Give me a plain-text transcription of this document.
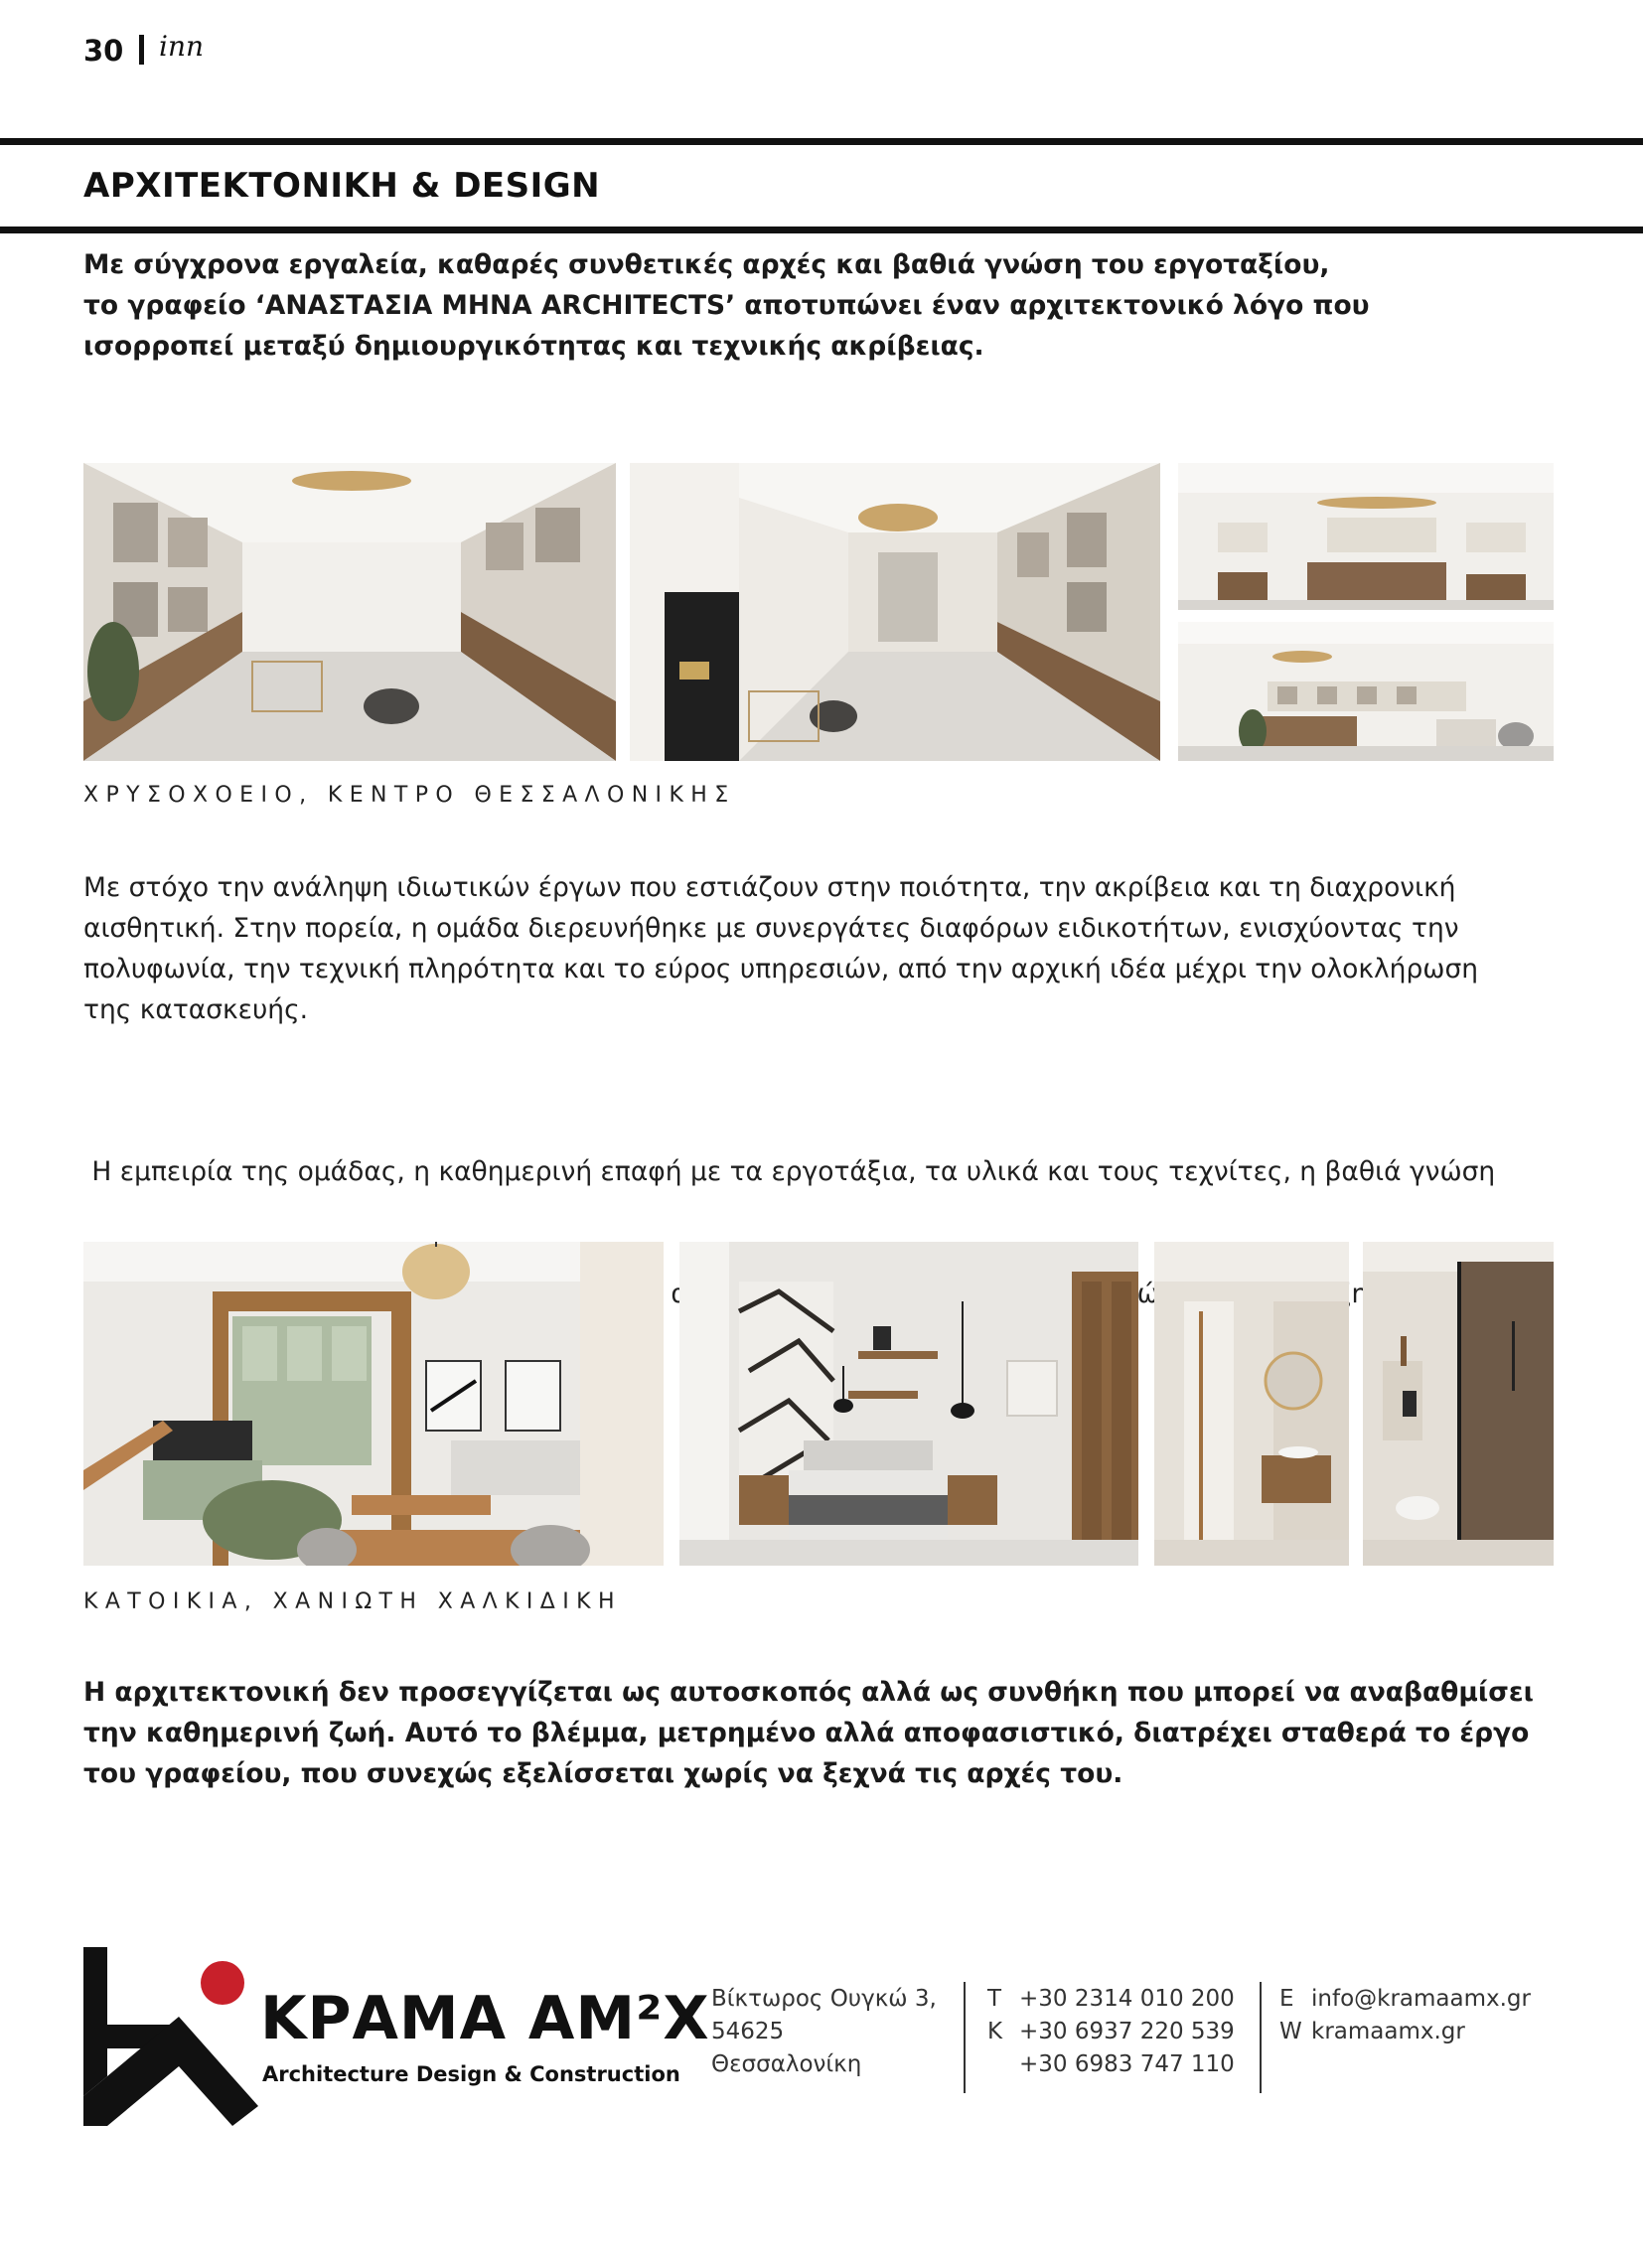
30 inn
ΑΡΧΙΤΕΚΤΟΝΙΚΗ & DESIGN

Με σύγχρονα εργαλεία, καθαρές συνθετικές αρχές και βαθιά γνώση του εργοταξίου,

το γραφείο ‘ΑΝΑΣΤΑΣΙΑ ΜΗΝΑ ARCHITECTS’ αποτυπώνει έναν αρχιτεκτονικό λόγο που

ισορροπεί μεταξύ δημιουργικότητας και τεχνικής ακρίβειας.

ΧΡΥΣΟΧΟΕΙΟ, ΚΕΝΤΡΟ ΘΕΣΣΑΛΟΝΙΚΗΣ

Με στόχο την ανάληψη ιδιωτικών έργων που εστιάζουν στην ποιότητα, την ακρίβεια και τη διαχρονική

αισθητική. Στην πορεία, η ομάδα διερευνήθηκε με συνεργάτες διαφόρων ειδικοτήτων, ενισχύοντας την

πολυφωνία, την τεχνική πληρότητα και το εύρος υπηρεσιών, από την αρχική ιδέα μέχρι την ολοκλήρωση

της κατασκευής.

Η εμπειρία της ομάδας, η καθημερινή επαφή με τα εργοτάξια, τα υλικά και τους τεχνίτες, η βαθιά γνώση

πώς

ΚΑΤΟΙΚΙΑ, ΧΑΝΙΩΤΗ ΧΑΛΚΙΔΙΚΗ

Η αρχιτεκτονική δεν προσεγγίζεται ως αυτοσκοπός αλλά ως συνθήκη που μπορεί να αναβαθμίσει

την καθημερινή ζωή. Αυτό το βλέμμα, μετρημένο αλλά αποφασιστικό, διατρέχει σταθερά το έργο

του γραφείου, που συνεχώς εξελίσσεται χωρίς να ξεχνά τις αρχές του.

ΚΡΑΜΑ ΑΜ²Χ
Architecture Design & Construction
Βίκτωρος Ουγκώ 3,
54625
Θεσσαλονίκη
T +30 2314 010 200
K +30 6937 220 539
+30 6983 747 110
E info@kramaamx.gr
W kramaamx.gr
